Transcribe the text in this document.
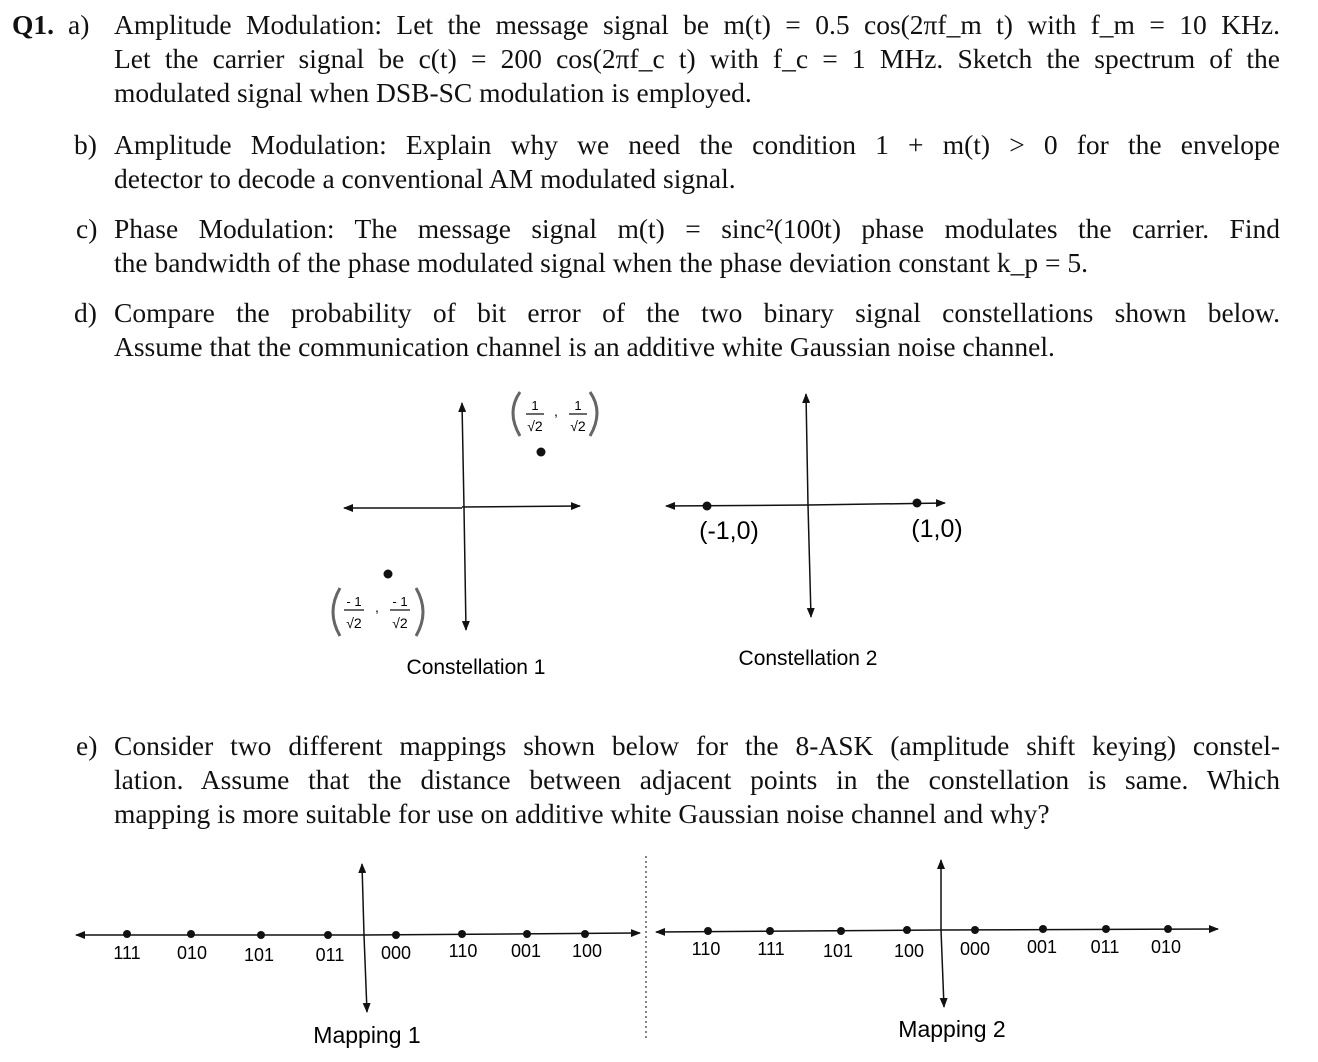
Q1. a) Amplitude Modulation: Let the message signal be m(t) = 0.5 cos(2πf_m t) with f_m = 10 KHz.
Let the carrier signal be c(t) = 200 cos(2πf_c t) with f_c = 1 MHz. Sketch the spectrum of the
modulated signal when DSB-SC modulation is employed.
b) Amplitude Modulation: Explain why we need the condition 1 + m(t) > 0 for the envelope
detector to decode a conventional AM modulated signal.
c) Phase Modulation: The message signal m(t) = sinc²(100t) phase modulates the carrier. Find
the bandwidth of the phase modulated signal when the phase deviation constant k_p = 5.
d) Compare the probability of bit error of the two binary signal constellations shown below.
Assume that the communication channel is an additive white Gaussian noise channel.
e) Consider two different mappings shown below for the 8-ASK (amplitude shift keying) constel-
lation. Assume that the distance between adjacent points in the constellation is same. Which
mapping is more suitable for use on additive white Gaussian noise channel and why?
1
√2
, 1
√2
- 1
√2
, - 1
√2
Constellation 1
(-1,0)	(1,0)
Constellation 2
111 010 101 011 000 110 001 100
Mapping 1
110 111 101 100 000 001 011 010
Mapping 2
